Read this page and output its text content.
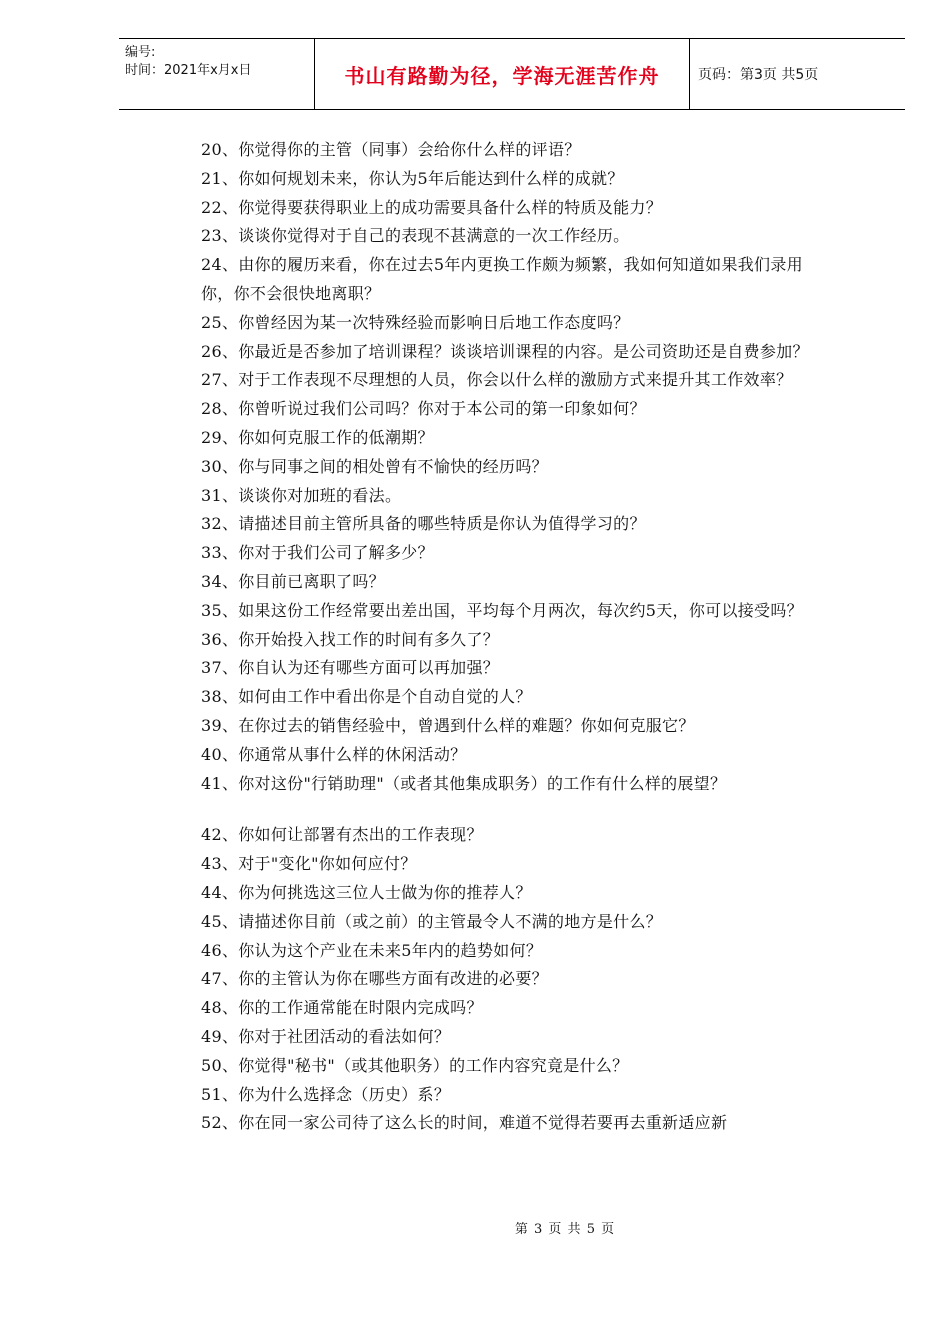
编号:
时间：2021年x月x日	书山有路勤为径，学海无涯苦作舟	页码：第3页 共5页
20、你觉得你的主管（同事）会给你什么样的评语？
21、你如何规划未来，你认为5年后能达到什么样的成就？
22、你觉得要获得职业上的成功需要具备什么样的特质及能力？
23、谈谈你觉得对于自己的表现不甚满意的一次工作经历。
24、由你的履历来看，你在过去5年内更换工作颇为频繁，我如何知道如果我们录用你，你不会很快地离职？
25、你曾经因为某一次特殊经验而影响日后地工作态度吗？
26、你最近是否参加了培训课程？谈谈培训课程的内容。是公司资助还是自费参加？
27、对于工作表现不尽理想的人员，你会以什么样的激励方式来提升其工作效率？
28、你曾听说过我们公司吗？你对于本公司的第一印象如何？
29、你如何克服工作的低潮期？
30、你与同事之间的相处曾有不愉快的经历吗？
31、谈谈你对加班的看法。
32、请描述目前主管所具备的哪些特质是你认为值得学习的？
33、你对于我们公司了解多少？
34、你目前已离职了吗？
35、如果这份工作经常要出差出国，平均每个月两次，每次约5天，你可以接受吗？
36、你开始投入找工作的时间有多久了？
37、你自认为还有哪些方面可以再加强？
38、如何由工作中看出你是个自动自觉的人？
39、在你过去的销售经验中，曾遇到什么样的难题？你如何克服它？
40、你通常从事什么样的休闲活动？
41、你对这份"行销助理"（或者其他集成职务）的工作有什么样的展望？
42、你如何让部署有杰出的工作表现？
43、对于"变化"你如何应付？
44、你为何挑选这三位人士做为你的推荐人？
45、请描述你目前（或之前）的主管最令人不满的地方是什么？
46、你认为这个产业在未来5年内的趋势如何？
47、你的主管认为你在哪些方面有改进的必要？
48、你的工作通常能在时限内完成吗？
49、你对于社团活动的看法如何？
50、你觉得"秘书"（或其他职务）的工作内容究竟是什么？
51、你为什么选择念（历史）系？
52、你在同一家公司待了这么长的时间，难道不觉得若要再去重新适应新
第 3 页 共 5 页
